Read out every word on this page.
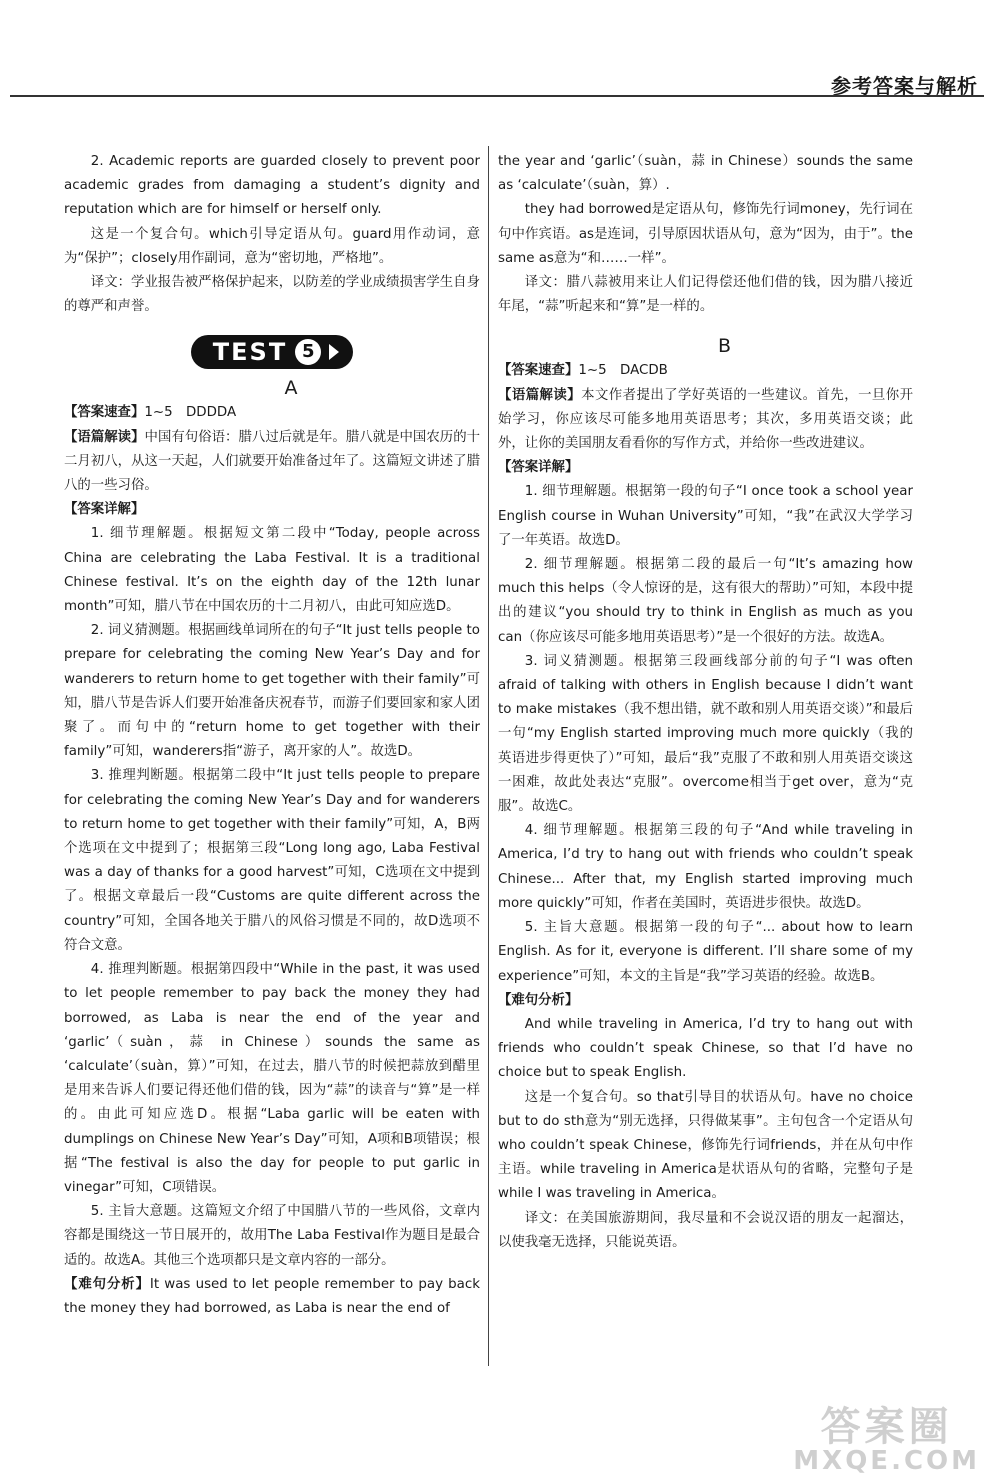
参考答案与解析

2. Academic reports are guarded closely to prevent poor academic grades from damaging a student’s dignity and reputation which are for himself or herself only.

这是一个复合句。which引导定语从句。guard用作动词，意为“保护”；closely用作副词，意为“密切地，严格地”。

译文：学业报告被严格保护起来，以防差的学业成绩损害学生自身的尊严和声誉。

TEST 5

A

【答案速查】1~5　DDDDA

【语篇解读】中国有句俗语：腊八过后就是年。腊八就是中国农历的十二月初八，从这一天起，人们就要开始准备过年了。这篇短文讲述了腊八的一些习俗。

【答案详解】

1. 细节理解题。根据短文第二段中“Today, people across China are celebrating the Laba Festival. It is a traditional Chinese festival. It’s on the eighth day of the 12th lunar month”可知，腊八节在中国农历的十二月初八，由此可知应选D。

2. 词义猜测题。根据画线单词所在的句子“It just tells people to prepare for celebrating the coming New Year’s Day and for wanderers to return home to get together with their family”可知，腊八节是告诉人们要开始准备庆祝春节，而游子们要回家和家人团聚了。而句中的“return home to get together with their family”可知，wanderers指“游子，离开家的人”。故选D。

3. 推理判断题。根据第二段中“It just tells people to prepare for celebrating the coming New Year’s Day and for wanderers to return home to get together with their family”可知，A，B两个选项在文中提到了；根据第三段“Long long ago, Laba Festival was a day of thanks for a good harvest”可知，C选项在文中提到了。根据文章最后一段“Customs are quite different across the country”可知，全国各地关于腊八的风俗习惯是不同的，故D选项不符合文意。

4. 推理判断题。根据第四段中“While in the past, it was used to let people remember to pay back the money they had borrowed, as Laba is near the end of the year and ‘garlic’（suàn，蒜 in Chinese）sounds the same as ‘calculate’（suàn，算）”可知，在过去，腊八节的时候把蒜放到醋里是用来告诉人们要记得还他们借的钱，因为“蒜”的读音与“算”是一样的。由此可知应选D。根据“Laba garlic will be eaten with dumplings on Chinese New Year’s Day”可知，A项和B项错误；根据“The festival is also the day for people to put garlic in vinegar”可知，C项错误。

5. 主旨大意题。这篇短文介绍了中国腊八节的一些风俗，文章内容都是围绕这一节日展开的，故用The Laba Festival作为题目是最合适的。故选A。其他三个选项都只是文章内容的一部分。

【难句分析】It was used to let people remember to pay back the money they had borrowed, as Laba is near the end of

the year and ‘garlic’（suàn，蒜 in Chinese）sounds the same as ‘calculate’（suàn，算）.

they had borrowed是定语从句，修饰先行词money，先行词在句中作宾语。as是连词，引导原因状语从句，意为“因为，由于”。the same as意为“和……一样”。

译文：腊八蒜被用来让人们记得偿还他们借的钱，因为腊八接近年尾，“蒜”听起来和“算”是一样的。

B

【答案速查】1~5　DACDB

【语篇解读】本文作者提出了学好英语的一些建议。首先，一旦你开始学习，你应该尽可能多地用英语思考；其次，多用英语交谈；此外，让你的美国朋友看看你的写作方式，并给你一些改进建议。

【答案详解】

1. 细节理解题。根据第一段的句子“I once took a school year English course in Wuhan University”可知，“我”在武汉大学学习了一年英语。故选D。

2. 细节理解题。根据第二段的最后一句“It’s amazing how much this helps（令人惊讶的是，这有很大的帮助）”可知，本段中提出的建议“you should try to think in English as much as you can（你应该尽可能多地用英语思考）”是一个很好的方法。故选A。

3. 词义猜测题。根据第三段画线部分前的句子“I was often afraid of talking with others in English because I didn’t want to make mistakes（我不想出错，就不敢和别人用英语交谈）”和最后一句“my English started improving much more quickly（我的英语进步得更快了）”可知，最后“我”克服了不敢和别人用英语交谈这一困难，故此处表达“克服”。overcome相当于get over，意为“克服”。故选C。

4. 细节理解题。根据第三段的句子“And while traveling in America, I’d try to hang out with friends who couldn’t speak Chinese... After that, my English started improving much more quickly”可知，作者在美国时，英语进步很快。故选D。

5. 主旨大意题。根据第一段的句子“... about how to learn English. As for it, everyone is different. I’ll share some of my experience”可知，本文的主旨是“我”学习英语的经验。故选B。

【难句分析】

And while traveling in America, I’d try to hang out with friends who couldn’t speak Chinese, so that I’d have no choice but to speak English.

这是一个复合句。so that引导目的状语从句。have no choice but to do sth意为“别无选择，只得做某事”。主句包含一个定语从句who couldn’t speak Chinese，修饰先行词friends，并在从句中作主语。while traveling in America是状语从句的省略，完整句子是while I was traveling in America。

译文：在美国旅游期间，我尽量和不会说汉语的朋友一起溜达，以使我毫无选择，只能说英语。

答案圈
MXQE.COM
